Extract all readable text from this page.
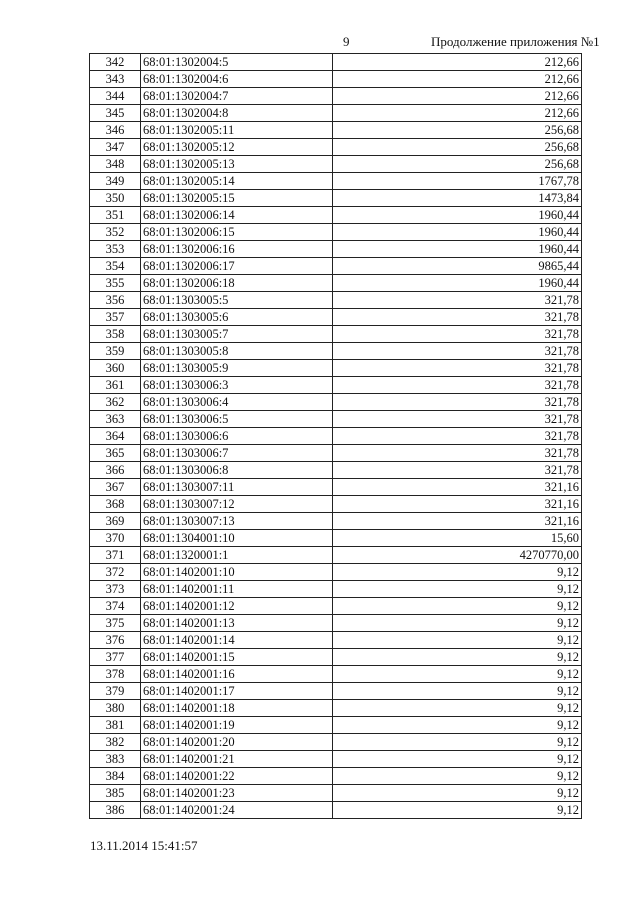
9	Продолжение приложения №1
342	68:01:1302004:5	212,66
343	68:01:1302004:6	212,66
344	68:01:1302004:7	212,66
345	68:01:1302004:8	212,66
346	68:01:1302005:11	256,68
347	68:01:1302005:12	256,68
348	68:01:1302005:13	256,68
349	68:01:1302005:14	1767,78
350	68:01:1302005:15	1473,84
351	68:01:1302006:14	1960,44
352	68:01:1302006:15	1960,44
353	68:01:1302006:16	1960,44
354	68:01:1302006:17	9865,44
355	68:01:1302006:18	1960,44
356	68:01:1303005:5	321,78
357	68:01:1303005:6	321,78
358	68:01:1303005:7	321,78
359	68:01:1303005:8	321,78
360	68:01:1303005:9	321,78
361	68:01:1303006:3	321,78
362	68:01:1303006:4	321,78
363	68:01:1303006:5	321,78
364	68:01:1303006:6	321,78
365	68:01:1303006:7	321,78
366	68:01:1303006:8	321,78
367	68:01:1303007:11	321,16
368	68:01:1303007:12	321,16
369	68:01:1303007:13	321,16
370	68:01:1304001:10	15,60
371	68:01:1320001:1	4270770,00
372	68:01:1402001:10	9,12
373	68:01:1402001:11	9,12
374	68:01:1402001:12	9,12
375	68:01:1402001:13	9,12
376	68:01:1402001:14	9,12
377	68:01:1402001:15	9,12
378	68:01:1402001:16	9,12
379	68:01:1402001:17	9,12
380	68:01:1402001:18	9,12
381	68:01:1402001:19	9,12
382	68:01:1402001:20	9,12
383	68:01:1402001:21	9,12
384	68:01:1402001:22	9,12
385	68:01:1402001:23	9,12
386	68:01:1402001:24	9,12
13.11.2014 15:41:57
